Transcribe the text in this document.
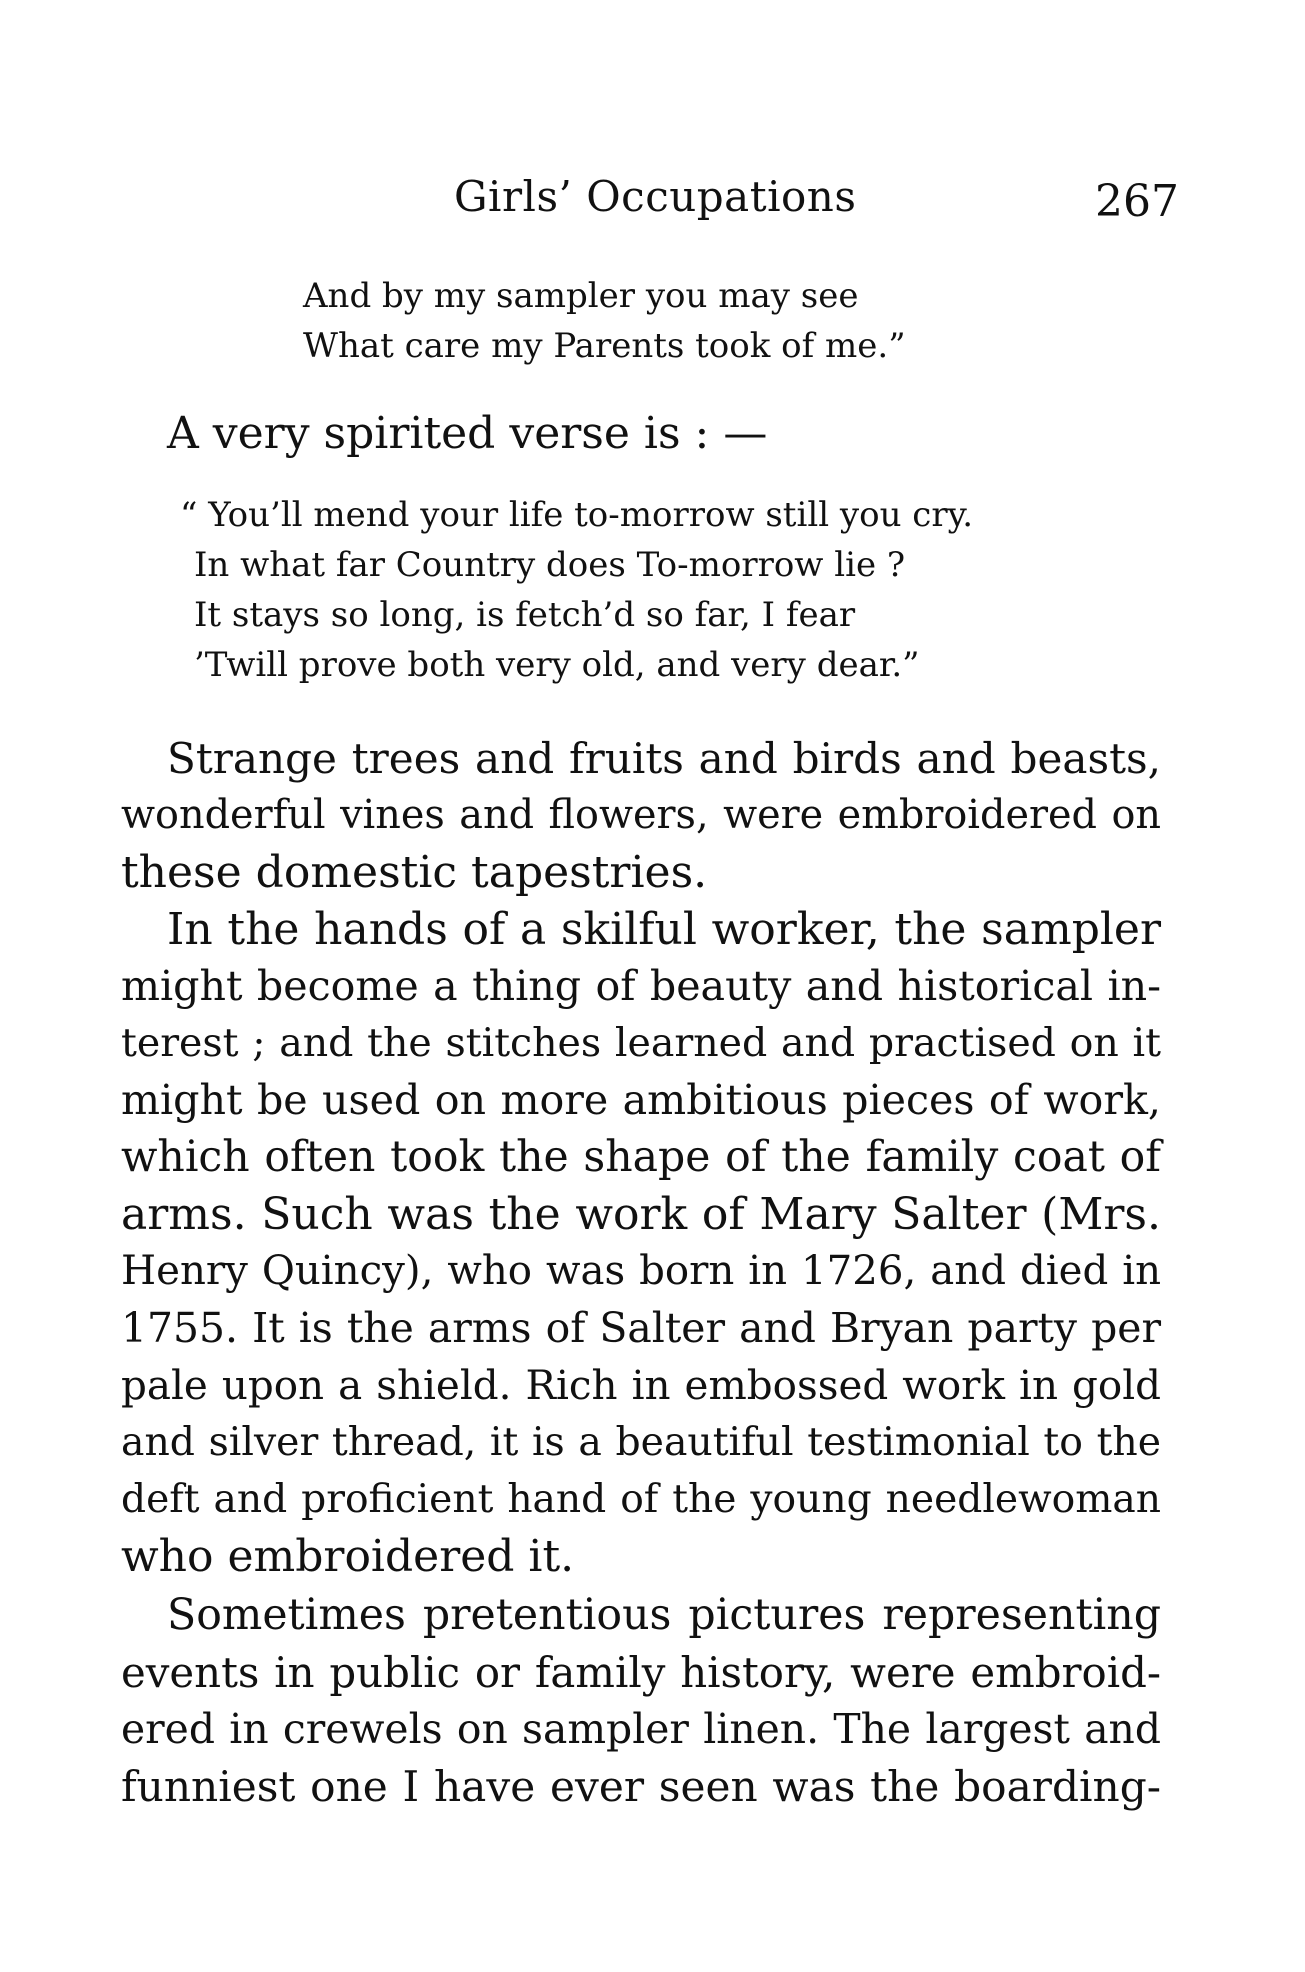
Girls’ Occupations	267
And by my sampler you may see
What care my Parents took of me.”
A very spirited verse is : —
“ You’ll mend your life to-morrow still you cry.
In what far Country does To-morrow lie ?
It stays so long, is fetch’d so far, I fear
’Twill prove both very old, and very dear.”
Strange trees and fruits and birds and beasts,
wonderful vines and flowers, were embroidered on
these domestic tapestries.
In the hands of a skilful worker, the sampler
might become a thing of beauty and historical in-
terest ; and the stitches learned and practised on it
might be used on more ambitious pieces of work,
which often took the shape of the family coat of
arms. Such was the work of Mary Salter (Mrs.
Henry Quincy), who was born in 1726, and died in
1755. It is the arms of Salter and Bryan party per
pale upon a shield. Rich in embossed work in gold
and silver thread, it is a beautiful testimonial to the
deft and proficient hand of the young needlewoman
who embroidered it.
Sometimes pretentious pictures representing
events in public or family history, were embroid-
ered in crewels on sampler linen. The largest and
funniest one I have ever seen was the boarding-
